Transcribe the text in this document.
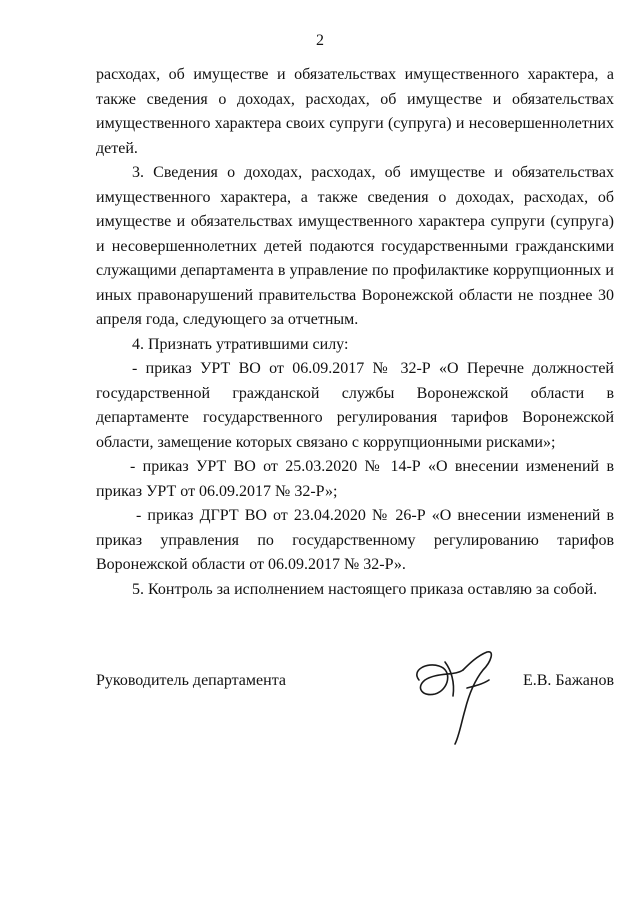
2

расходах, об имуществе и обязательствах имущественного характера, а также сведения о доходах, расходах, об имуществе и обязательствах имущественного характера своих супруги (супруга) и несовершеннолетних детей.

3. Сведения о доходах, расходах, об имуществе и обязательствах имущественного характера, а также сведения о доходах, расходах, об имуществе и обязательствах имущественного характера супруги (супруга) и несовершеннолетних детей подаются государственными гражданскими служащими департамента в управление по профилактике коррупционных и иных правонарушений правительства Воронежской области не позднее 30 апреля года, следующего за отчетным.

4. Признать утратившими силу:

- приказ УРТ ВО от 06.09.2017 № 32-Р «О Перечне должностей государственной гражданской службы Воронежской области в департаменте государственного регулирования тарифов Воронежской области, замещение которых связано с коррупционными рисками»;

- приказ УРТ ВО от 25.03.2020 № 14-Р «О внесении изменений в приказ УРТ от 06.09.2017 № 32-Р»;

- приказ ДГРТ ВО от 23.04.2020 № 26-Р «О внесении изменений в приказ управления по государственному регулированию тарифов Воронежской области от 06.09.2017 № 32-Р».

5. Контроль за исполнением настоящего приказа оставляю за собой.

Руководитель департамента	Е.В. Бажанов
